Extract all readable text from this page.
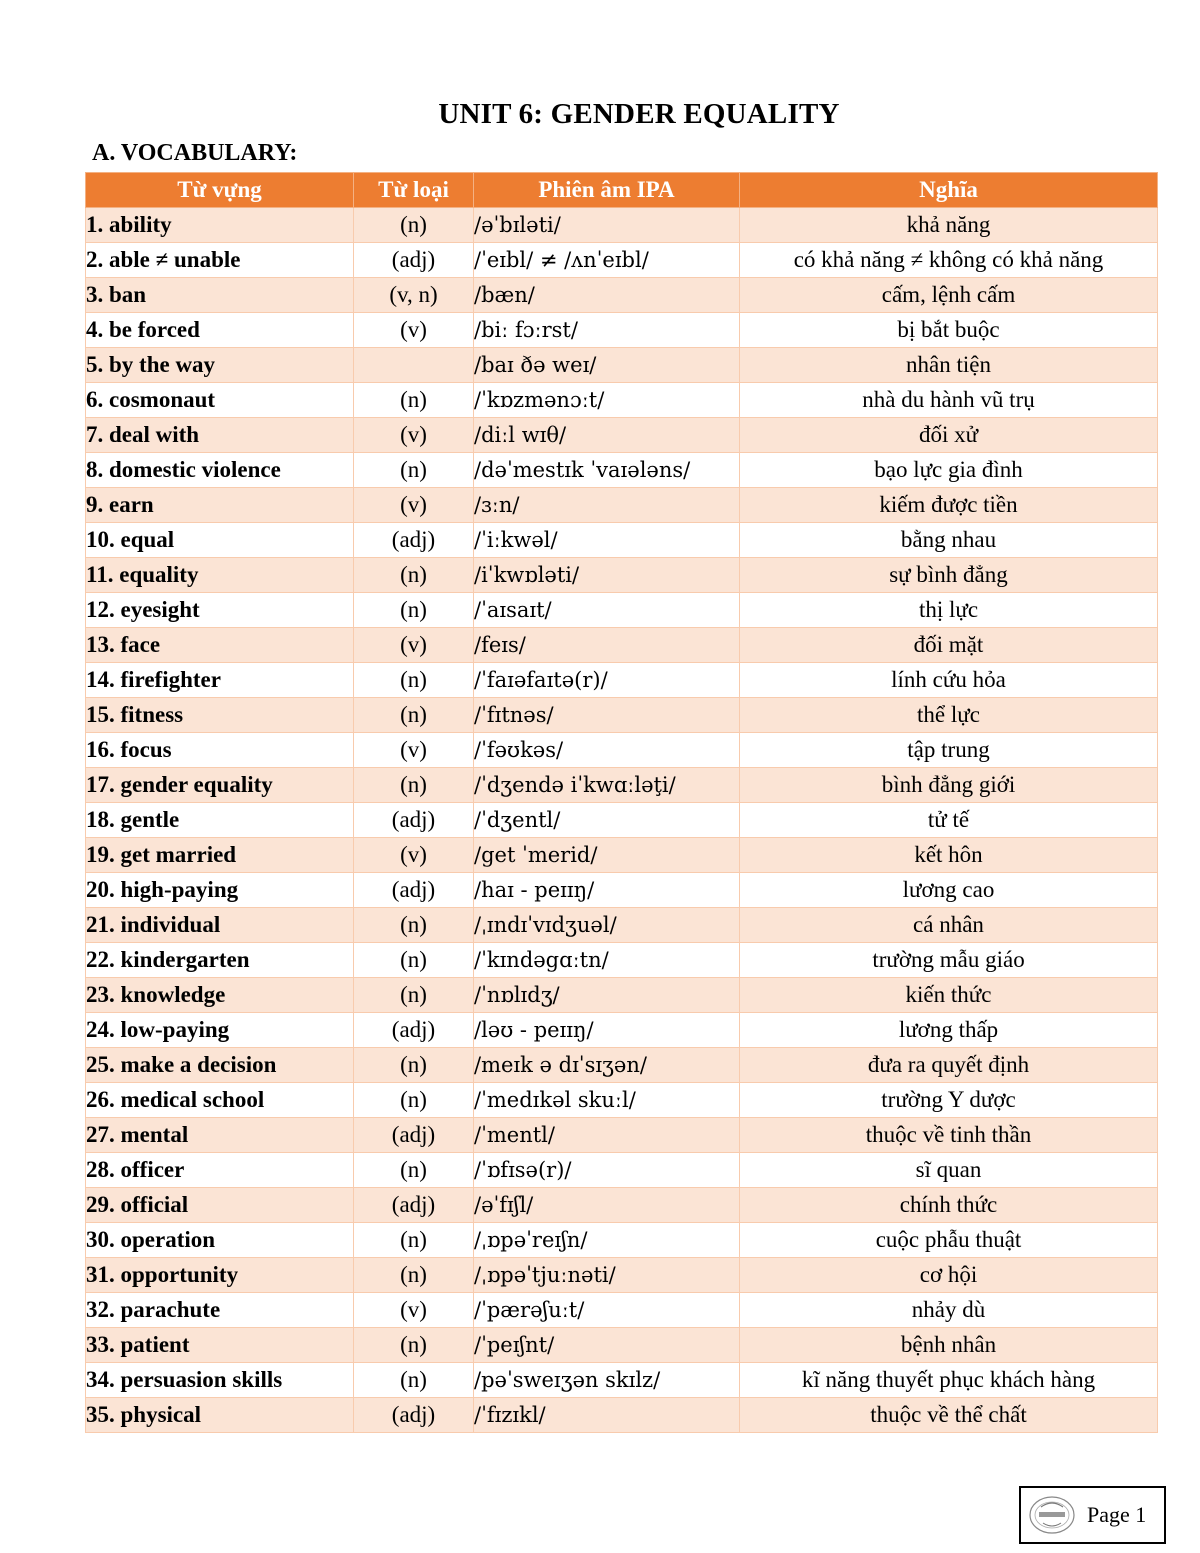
UNIT 6: GENDER EQUALITY
A. VOCABULARY:
Từ vựng	Từ loại	Phiên âm IPA	Nghĩa
1. ability	(n)	/əˈbɪləti/	khả năng
2. able ≠ unable	(adj)	/ˈeɪbl/ ≠ /ʌnˈeɪbl/	có khả năng ≠ không có khả năng
3. ban	(v, n)	/bæn/	cấm, lệnh cấm
4. be forced	(v)	/biː fɔːrst/	bị bắt buộc
5. by the way		/baɪ ðə weɪ/	nhân tiện
6. cosmonaut	(n)	/ˈkɒzmənɔːt/	nhà du hành vũ trụ
7. deal with	(v)	/diːl wɪθ/	đối xử
8. domestic violence	(n)	/dəˈmestɪk ˈvaɪələns/	bạo lực gia đình
9. earn	(v)	/ɜːn/	kiếm được tiền
10. equal	(adj)	/ˈiːkwəl/	bằng nhau
11. equality	(n)	/iˈkwɒləti/	sự bình đẳng
12. eyesight	(n)	/ˈaɪsaɪt/	thị lực
13. face	(v)	/feɪs/	đối mặt
14. firefighter	(n)	/ˈfaɪəfaɪtə(r)/	lính cứu hỏa
15. fitness	(n)	/ˈfɪtnəs/	thể lực
16. focus	(v)	/ˈfəʊkəs/	tập trung
17. gender equality	(n)	/ˈdʒendə iˈkwɑːləţi/	bình đẳng giới
18. gentle	(adj)	/ˈdʒentl/	tử tế
19. get married	(v)	/get ˈmerid/	kết hôn
20. high-paying	(adj)	/haɪ - peɪɪŋ/	lương cao
21. individual	(n)	/ˌɪndɪˈvɪdʒuəl/	cá nhân
22. kindergarten	(n)	/ˈkɪndəgɑːtn/	trường mẫu giáo
23. knowledge	(n)	/ˈnɒlɪdʒ/	kiến thức
24. low-paying	(adj)	/ləʊ - peɪɪŋ/	lương thấp
25. make a decision	(n)	/meɪk ə dɪˈsɪʒən/	đưa ra quyết định
26. medical school	(n)	/ˈmedɪkəl skuːl/	trường Y dược
27. mental	(adj)	/ˈmentl/	thuộc về tinh thần
28. officer	(n)	/ˈɒfɪsə(r)/	sĩ quan
29. official	(adj)	/əˈfɪʃl/	chính thức
30. operation	(n)	/ˌɒpəˈreɪʃn/	cuộc phẫu thuật
31. opportunity	(n)	/ˌɒpəˈtjuːnəti/	cơ hội
32. parachute	(v)	/ˈpærəʃuːt/	nhảy dù
33. patient	(n)	/ˈpeɪʃnt/	bệnh nhân
34. persuasion skills	(n)	/pəˈsweɪʒən skɪlz/	kĩ năng thuyết phục khách hàng
35. physical	(adj)	/ˈfɪzɪkl/	thuộc về thể chất
Page 1
